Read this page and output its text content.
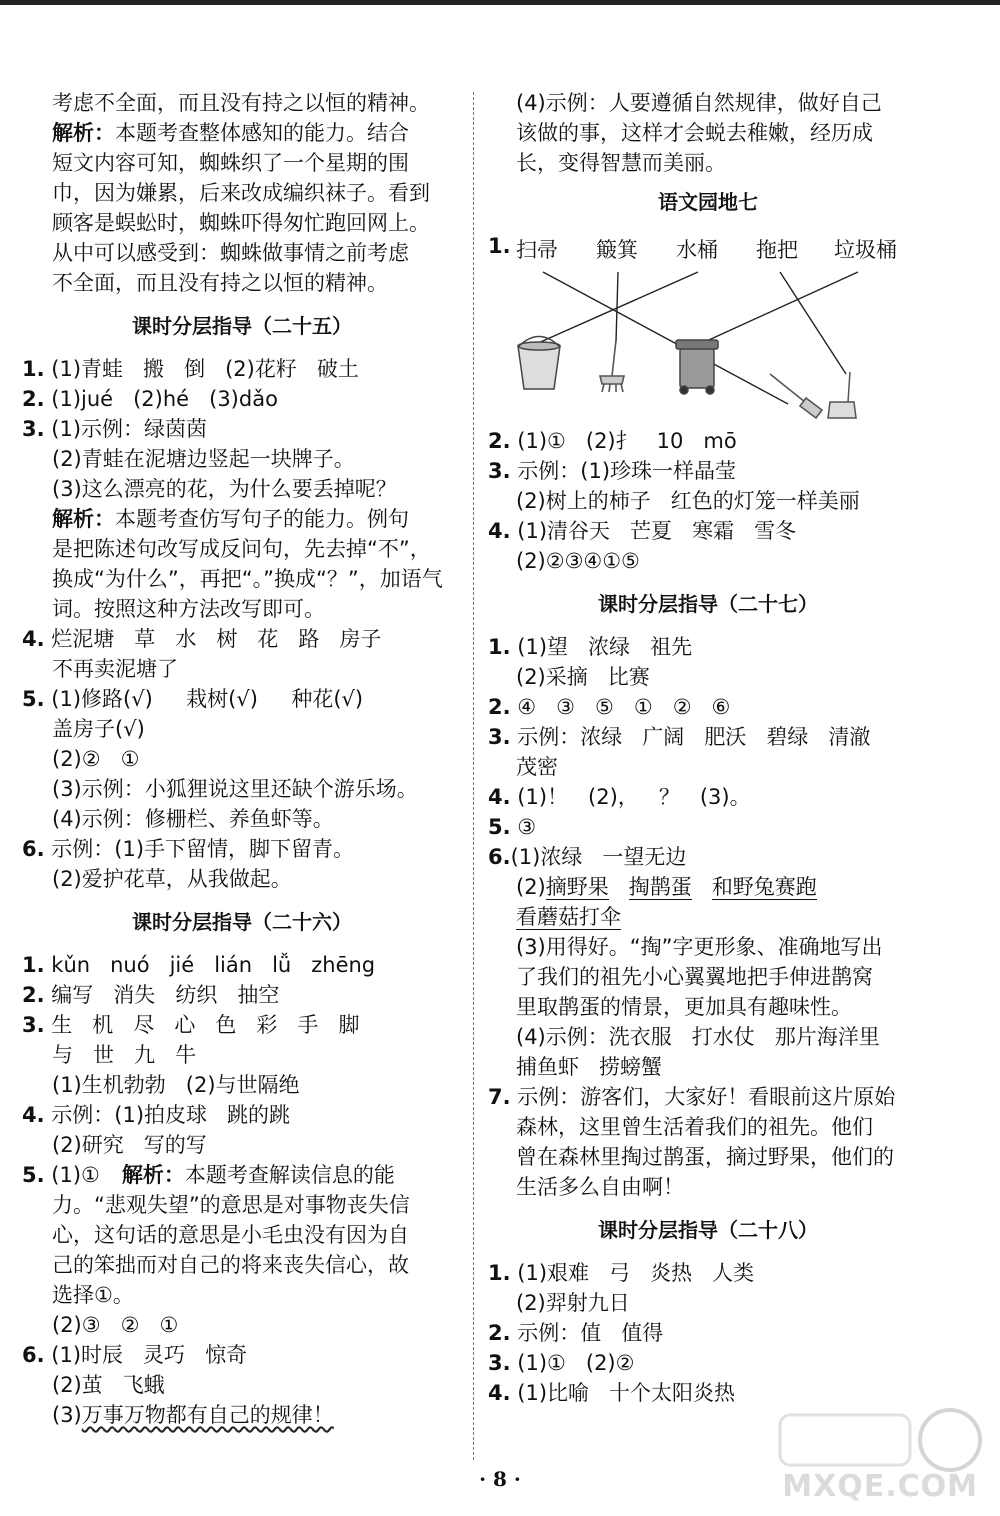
考虑不全面，而且没有持之以恒的精神。
解析：本题考查整体感知的能力。结合
短文内容可知，蜘蛛织了一个星期的围
巾，因为嫌累，后来改成编织袜子。看到
顾客是蜈蚣时，蜘蛛吓得匆忙跑回网上。
从中可以感受到：蜘蛛做事情之前考虑
不全面，而且没有持之以恒的精神。
课时分层指导（二十五）
1. (1)青蛙   搬   倒   (2)花籽   破土
2. (1)jué   (2)hé   (3)dǎo
3. (1)示例：绿茵茵
(2)青蛙在泥塘边竖起一块牌子。
(3)这么漂亮的花，为什么要丢掉呢？
解析：本题考查仿写句子的能力。例句
是把陈述句改写成反问句，先去掉“不”，
换成“为什么”，再把“。”换成“？”，加语气
词。按照这种方法改写即可。
4. 烂泥塘   草   水   树   花   路   房子
不再卖泥塘了
5. (1)修路(√)     栽树(√)     种花(√)
盖房子(√)
(2)②   ①
(3)示例：小狐狸说这里还缺个游乐场。
(4)示例：修栅栏、养鱼虾等。
6. 示例：(1)手下留情，脚下留青。
(2)爱护花草，从我做起。
课时分层指导（二十六）
1. kǔn   nuó   jié   lián   lǚ   zhēng
2. 编写   消失   纺织   抽空
3. 生   机   尽   心   色   彩   手   脚
与   世   九   牛
(1)生机勃勃   (2)与世隔绝
4. 示例：(1)拍皮球   跳的跳
(2)研究   写的写
5. (1)① 解析：本题考查解读信息的能
力。“悲观失望”的意思是对事物丧失信
心，这句话的意思是小毛虫没有因为自
己的笨拙而对自己的将来丧失信心，故
选择①。
(2)③   ②   ①
6. (1)时辰   灵巧   惊奇
(2)茧   飞蛾
(3)万事万物都有自己的规律！
(4)示例：人要遵循自然规律，做好自己
该做的事，这样才会蜕去稚嫩，经历成
长，变得智慧而美丽。
语文园地七
1. 扫帚 簸箕 水桶 拖把 垃圾桶
2. (1)①   (2)扌   10   mō
3. 示例：(1)珍珠一样晶莹
(2)树上的柿子   红色的灯笼一样美丽
4. (1)清谷天   芒夏   寒霜   雪冬
(2)②③④①⑤
课时分层指导（二十七）
1. (1)望   浓绿   祖先
(2)采摘   比赛
2. ④   ③   ⑤   ①   ②   ⑥
3. 示例：浓绿   广阔   肥沃   碧绿   清澈
茂密
4. (1)！   (2)，   ？   (3)。
5. ③
6.(1)浓绿   一望无边
(2)摘野果 掏鹊蛋 和野兔赛跑
看蘑菇打伞
(3)用得好。“掏”字更形象、准确地写出
了我们的祖先小心翼翼地把手伸进鹊窝
里取鹊蛋的情景，更加具有趣味性。
(4)示例：洗衣服   打水仗   那片海洋里
捕鱼虾   捞螃蟹
7. 示例：游客们，大家好！看眼前这片原始
森林，这里曾生活着我们的祖先。他们
曾在森林里掏过鹊蛋，摘过野果，他们的
生活多么自由啊！
课时分层指导（二十八）
1. (1)艰难   弓   炎热   人类
(2)羿射九日
2. 示例：值   值得
3. (1)①   (2)②
4. (1)比喻   十个太阳炎热
· 8 ·	MXQE.COM
